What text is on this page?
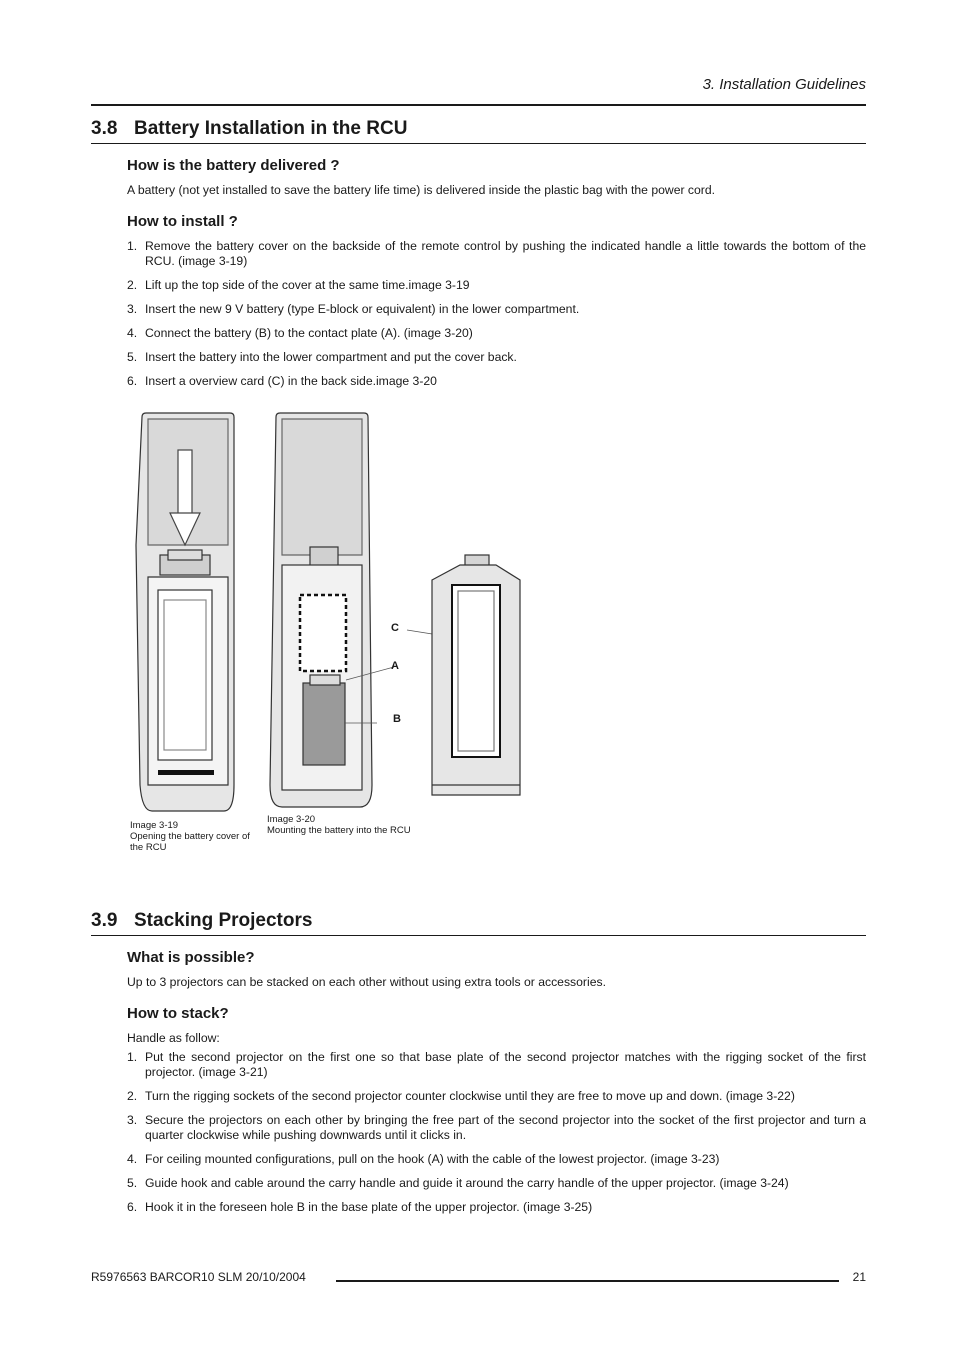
3. Installation Guidelines
3.8 Battery Installation in the RCU
How is the battery delivered ?
A battery (not yet installed to save the battery life time) is delivered inside the plastic bag with the power cord.
How to install ?
1. Remove the battery cover on the backside of the remote control by pushing the indicated handle a little towards the bottom of the RCU. (image 3-19)
2. Lift up the top side of the cover at the same time.image 3-19
3. Insert the new 9 V battery (type E-block or equivalent) in the lower compartment.
4. Connect the battery (B) to the contact plate (A). (image 3-20)
5. Insert the battery into the lower compartment and put the cover back.
6. Insert a overview card (C) in the back side.image 3-20
C
A
B
Image 3-19
Opening the battery cover of
the RCU
Image 3-20
Mounting the battery into the RCU
3.9 Stacking Projectors
What is possible?
Up to 3 projectors can be stacked on each other without using extra tools or accessories.
How to stack?
Handle as follow:
1. Put the second projector on the first one so that base plate of the second projector matches with the rigging socket of the first projector. (image 3-21)
2. Turn the rigging sockets of the second projector counter clockwise until they are free to move up and down. (image 3-22)
3. Secure the projectors on each other by bringing the free part of the second projector into the socket of the first projector and turn a quarter clockwise while pushing downwards until it clicks in.
4. For ceiling mounted configurations, pull on the hook (A) with the cable of the lowest projector. (image 3-23)
5. Guide hook and cable around the carry handle and guide it around the carry handle of the upper projector. (image 3-24)
6. Hook it in the foreseen hole B in the base plate of the upper projector. (image 3-25)
R5976563 BARCOR10 SLM 20/10/2004	21
